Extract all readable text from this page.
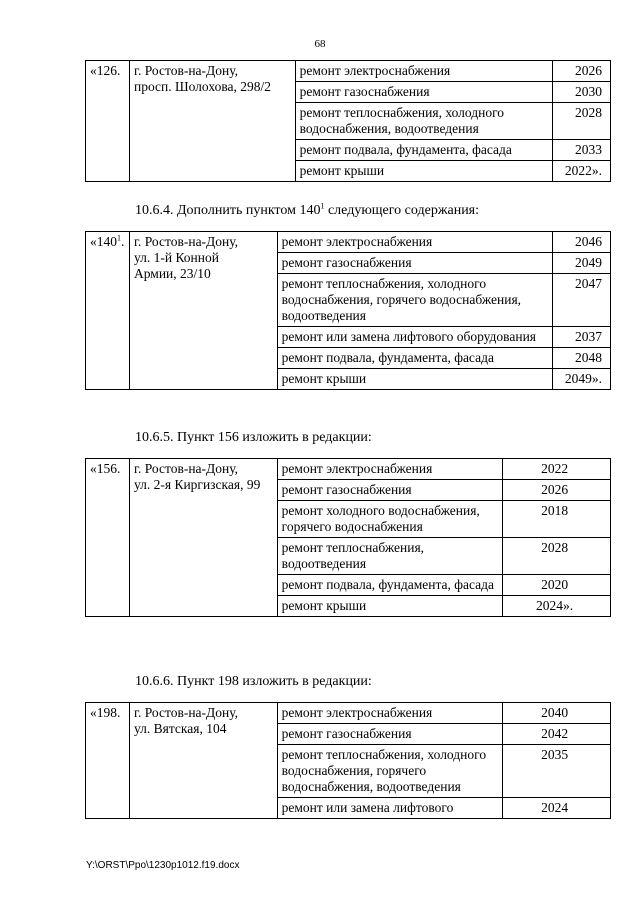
68
«126.	г. Ростов-на-Дону,
просп. Шолохова, 298/2	ремонт электроснабжения	2026
		ремонт газоснабжения	2030
		ремонт теплоснабжения, холодного водоснабжения, водоотведения	2028
		ремонт подвала, фундамента, фасада	2033
		ремонт крыши	2022».
10.6.4. Дополнить пунктом $140^1$ следующего содержания:
«$140^1$.	г. Ростов-на-Дону,
ул. 1-й Конной
Армии, 23/10	ремонт электроснабжения	2046
		ремонт газоснабжения	2049
		ремонт теплоснабжения, холодного водоснабжения, горячего водоснабжения, водоотведения	2047
		ремонт или замена лифтового оборудования	2037
		ремонт подвала, фундамента, фасада	2048
		ремонт крыши	2049».
10.6.5. Пункт 156 изложить в редакции:
«156.	г. Ростов-на-Дону,
ул. 2-я Киргизская, 99	ремонт электроснабжения	2022
		ремонт газоснабжения	2026
		ремонт холодного водоснабжения, горячего водоснабжения	2018
		ремонт теплоснабжения, водоотведения	2028
		ремонт подвала, фундамента, фасада	2020
		ремонт крыши	2024».
10.6.6. Пункт 198 изложить в редакции:
«198.	г. Ростов-на-Дону,
ул. Вятская, 104	ремонт электроснабжения	2040
		ремонт газоснабжения	2042
		ремонт теплоснабжения, холодного водоснабжения, горячего водоснабжения, водоотведения	2035
		ремонт или замена лифтового	2024
Y:\ORST\Ppo\1230p1012.f19.docx
